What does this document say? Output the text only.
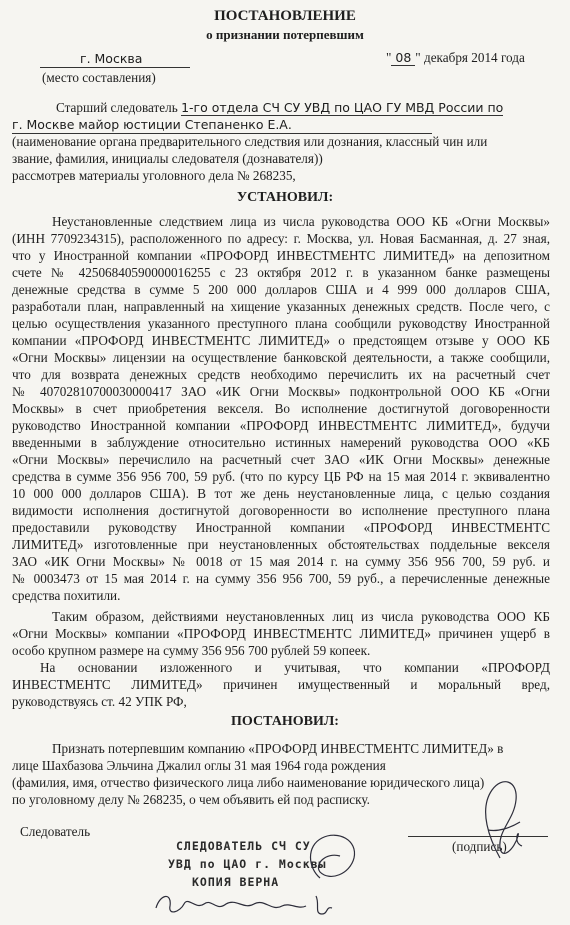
ПОСТАНОВЛЕНИЕ
о признании потерпевшим
г. Москва
(место составления)
" 08 " декабря 2014 года
Старший следователь 1-го отдела СЧ СУ УВД по ЦАО ГУ МВД России по
г. Москве майор юстиции Степаненко Е.А.
(наименование органа предварительного следствия или дознания, классный чин или
звание, фамилия, инициалы следователя (дознавателя))
рассмотрев материалы уголовного дела № 268235,
УСТАНОВИЛ:
Неустановленные следствием лица из числа руководства ООО КБ «Огни Москвы»
(ИНН 7709234315), расположенного по адресу: г. Москва, ул. Новая Басманная, д. 27 зная,
что у Иностранной компании «ПРОФОРД ИНВЕСТМЕНТС ЛИМИТЕД» на депозитном
счете № 42506840590000016255 с 23 октября 2012 г. в указанном банке размещены
денежные средства в сумме 5 200 000 долларов США и 4 999 000 долларов США,
разработали план, направленный на хищение указанных денежных средств. После чего, с
целью осуществления указанного преступного плана сообщили руководству Иностранной
компании «ПРОФОРД ИНВЕСТМЕНТС ЛИМИТЕД» о предстоящем отзыве у ООО КБ
«Огни Москвы» лицензии на осуществление банковской деятельности, а также сообщили,
что для возврата денежных средств необходимо перечислить их на расчетный счет
№ 40702810700030000417 ЗАО «ИК Огни Москвы» подконтрольной ООО КБ «Огни
Москвы» в счет приобретения векселя. Во исполнение достигнутой договоренности
руководство Иностранной компании «ПРОФОРД ИНВЕСТМЕНТС ЛИМИТЕД», будучи
введенными в заблуждение относительно истинных намерений руководства ООО «КБ
«Огни Москвы» перечислило на расчетный счет ЗАО «ИК Огни Москвы» денежные
средства в сумме 356 956 700, 59 руб. (что по курсу ЦБ РФ на 15 мая 2014 г. эквивалентно
10 000 000 долларов США). В тот же день неустановленные лица, с целью создания
видимости исполнения достигнутой договоренности во исполнение преступного плана
предоставили руководству Иностранной компании «ПРОФОРД ИНВЕСТМЕНТС
ЛИМИТЕД» изготовленные при неустановленных обстоятельствах поддельные векселя
ЗАО «ИК Огни Москвы» № 0018 от 15 мая 2014 г. на сумму 356 956 700, 59 руб. и
№ 0003473 от 15 мая 2014 г. на сумму 356 956 700, 59 руб., а перечисленные денежные
средства похитили.
Таким образом, действиями неустановленных лиц из числа руководства ООО КБ
«Огни Москвы» компании «ПРОФОРД ИНВЕСТМЕНТС ЛИМИТЕД» причинен ущерб в
особо крупном размере на сумму 356 956 700 рублей 59 копеек.
На основании изложенного и учитывая, что компании «ПРОФОРД
ИНВЕСТМЕНТС ЛИМИТЕД» причинен имущественный и моральный вред,
руководствуясь ст. 42 УПК РФ,
ПОСТАНОВИЛ:
Признать потерпевшим компанию «ПРОФОРД ИНВЕСТМЕНТС ЛИМИТЕД» в
лице Шахбазова Эльчина Джалил оглы 31 мая 1964 года рождения
(фамилия, имя, отчество физического лица либо наименование юридического лица)
по уголовному делу № 268235, о чем объявить ей под расписку.
Следователь
(подпись)
СЛЕДОВАТЕЛЬ СЧ СУ
УВД по ЦАО г. Москвы
КОПИЯ ВЕРНА
